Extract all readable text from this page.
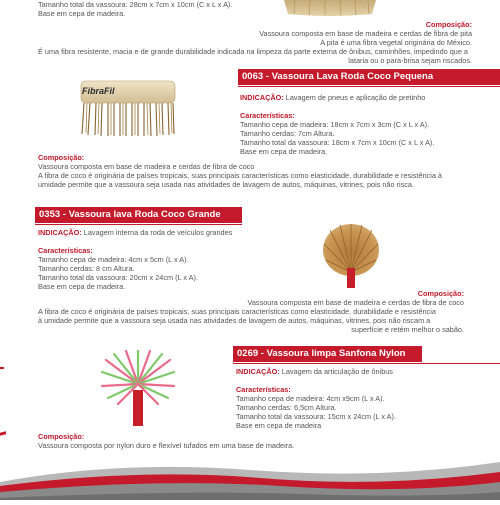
Tamanho total da vassoura: 28cm x 7cm x 10cm (C x L x A).
Base em cepa de madeira.

Composição:

Vassoura composta em base de madeira e cerdas de fibra de pita

A pita é uma fibra vegetal originária do México.

É uma fibra resistente, macia e de grande durabilidade indicada na limpeza da parte externa de ônibus, caminhões, impedindo que a
lataria ou o para-brisa sejam riscados.
FibraFil
0063 - Vassoura Lava Roda Coco Pequena
INDICAÇÃO: Lavagem de pneus e aplicação de pretinho

Características:

Tamanho cepa de madeira: 18cm x 7cm x 3cm (C x L x A).

Tamanho cerdas: 7cm Altura.

Tamanho total da vassoura: 18cm x 7cm x 10cm (C x L x A).

Base em cepa de madeira.

Composição:

Vassoura composta em base de madeira e cerdas de fibra de coco

A fibra de coco é originária de países tropicais, suas principais características como elasticidade, durabilidade e resistência à

umidade permite que a vassoura seja usada nas atividades de lavagem de autos, máquinas, vitrines, pois não risca.

0353 - Vassoura lava Roda Coco Grande
INDICAÇÃO: Lavagem interna da roda de veículos grandes

Características:

Tamanho cepa de madeira: 4cm x 5cm (L x A).

Tamanho cerdas: 8 cm Altura.

Tamanho total da vassoura: 20cm x 24cm (L x A).

Base em cepa de madeira.

Composição:
Vassoura composta em base de madeira e cerdas de fibra de coco
A fibra de coco é originária de países tropicais, suas principais características como elasticidade, durabilidade e resistência
à umidade permite que a vassoura seja usada nas atividades de lavagem de autos, máquinas, vitrines, pois não riscam a
superfície e retém melhor o sabão.
0269 - Vassoura limpa Sanfona Nylon
INDICAÇÃO: Lavagem da articulação de ônibus

Características:

Tamanho cepa de madeira: 4cm x9cm (L x A).

Tamanho cerdas: 6,5cm Altura.

Tamanho total da vassoura: 15cm x 24cm (L x A).

Base em cepa de madeira

Composição:

Vassoura composta por nylon duro e flexível tufados em uma base de madeira.
